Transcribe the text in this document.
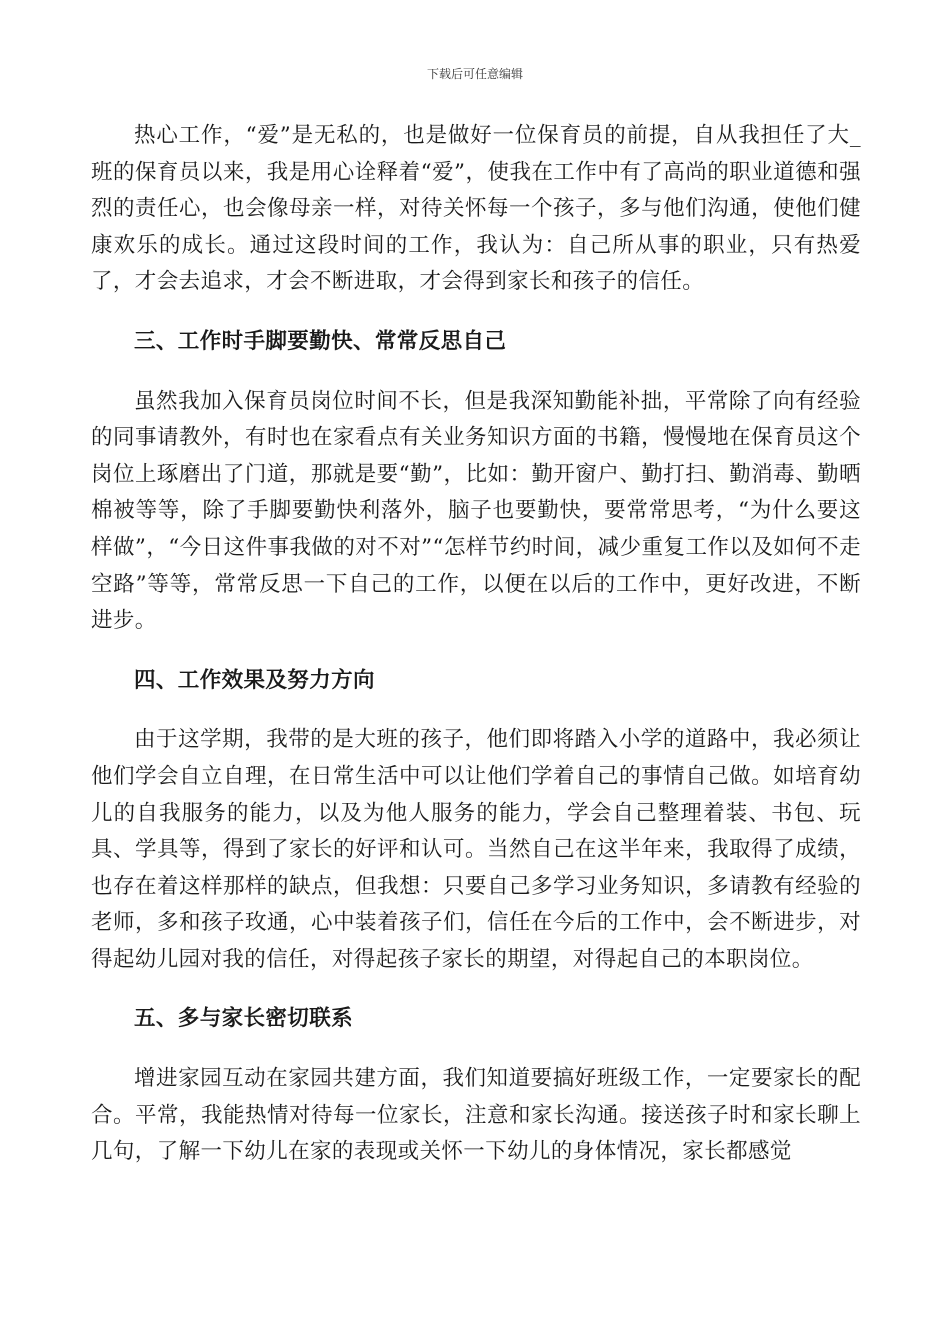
下载后可任意编辑

热心工作，“爱”是无私的，也是做好一位保育员的前提，自从我担任了大_班的保育员以来，我是用心诠释着“爱”，使我在工作中有了高尚的职业道德和强烈的责任心，也会像母亲一样，对待关怀每一个孩子，多与他们沟通，使他们健康欢乐的成长。通过这段时间的工作，我认为：自己所从事的职业，只有热爱了，才会去追求，才会不断进取，才会得到家长和孩子的信任。

三、工作时手脚要勤快、常常反思自己

虽然我加入保育员岗位时间不长，但是我深知勤能补拙，平常除了向有经验的同事请教外，有时也在家看点有关业务知识方面的书籍，慢慢地在保育员这个岗位上琢磨出了门道，那就是要“勤”，比如：勤开窗户、勤打扫、勤消毒、勤晒棉被等等，除了手脚要勤快利落外，脑子也要勤快，要常常思考，“为什么要这样做”，“今日这件事我做的对不对”“怎样节约时间，减少重复工作以及如何不走空路”等等，常常反思一下自己的工作，以便在以后的工作中，更好改进，不断进步。

四、工作效果及努力方向

由于这学期，我带的是大班的孩子，他们即将踏入小学的道路中，我必须让他们学会自立自理，在日常生活中可以让他们学着自己的事情自己做。如培育幼儿的自我服务的能力，以及为他人服务的能力，学会自己整理着装、书包、玩具、学具等，得到了家长的好评和认可。当然自己在这半年来，我取得了成绩，也存在着这样那样的缺点，但我想：只要自己多学习业务知识，多请教有经验的老师，多和孩子玫通，心中装着孩子们，信任在今后的工作中，会不断进步，对得起幼儿园对我的信任，对得起孩子家长的期望，对得起自己的本职岗位。

五、多与家长密切联系

增进家园互动在家园共建方面，我们知道要搞好班级工作，一定要家长的配合。平常，我能热情对待每一位家长，注意和家长沟通。接送孩子时和家长聊上几句，了解一下幼儿在家的表现或关怀一下幼儿的身体情况，家长都感觉
